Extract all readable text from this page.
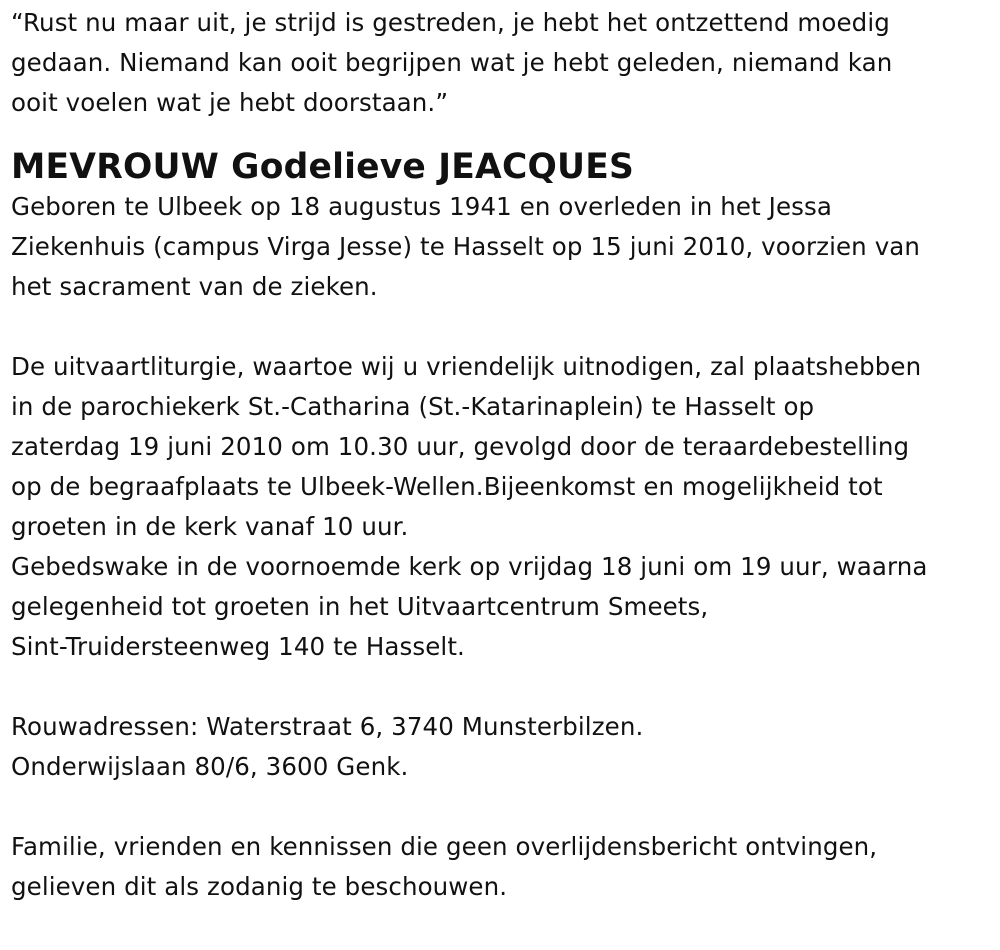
“Rust nu maar uit, je strijd is gestreden, je hebt het ontzettend moedig
gedaan. Niemand kan ooit begrijpen wat je hebt geleden, niemand kan
ooit voelen wat je hebt doorstaan.”

MEVROUW Godelieve JEACQUES

Geboren te Ulbeek op 18 augustus 1941 en overleden in het Jessa
Ziekenhuis (campus Virga Jesse) te Hasselt op 15 juni 2010, voorzien van
het sacrament van de zieken.

De uitvaartliturgie, waartoe wij u vriendelijk uitnodigen, zal plaatshebben
in de parochiekerk St.-Catharina (St.-Katarinaplein) te Hasselt op
zaterdag 19 juni 2010 om 10.30 uur, gevolgd door de teraardebestelling
op de begraafplaats te Ulbeek-Wellen.Bijeenkomst en mogelijkheid tot
groeten in de kerk vanaf 10 uur.
Gebedswake in de voornoemde kerk op vrijdag 18 juni om 19 uur, waarna
gelegenheid tot groeten in het Uitvaartcentrum Smeets,
Sint-Truidersteenweg 140 te Hasselt.

Rouwadressen: Waterstraat 6, 3740 Munsterbilzen.
Onderwijslaan 80/6, 3600 Genk.

Familie, vrienden en kennissen die geen overlijdensbericht ontvingen,
gelieven dit als zodanig te beschouwen.
